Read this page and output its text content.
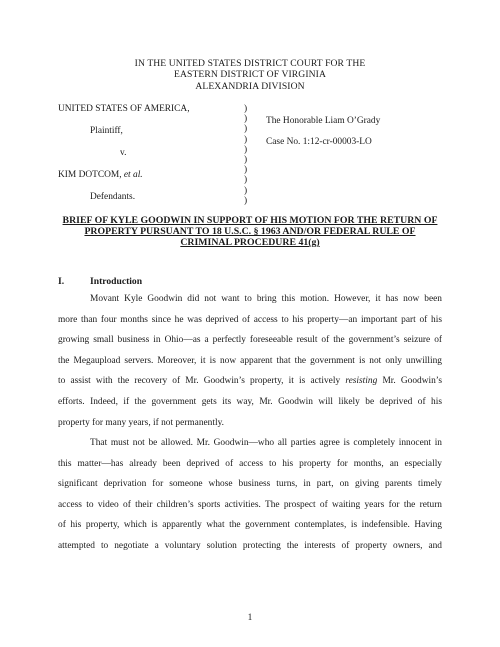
IN THE UNITED STATES DISTRICT COURT FOR THE
EASTERN DISTRICT OF VIRGINIA
ALEXANDRIA DIVISION
UNITED STATES OF AMERICA,
Plaintiff,
v.
KIM DOTCOM, et al.
Defendants.
)
)
)
)
)
)
)
)
)
)
The Honorable Liam O’Grady
Case No. 1:12-cr-00003-LO
BRIEF OF KYLE GOODWIN IN SUPPORT OF HIS MOTION FOR THE RETURN OF
PROPERTY PURSUANT TO 18 U.S.C. § 1963 AND/OR FEDERAL RULE OF
CRIMINAL PROCEDURE 41(g)
I.	Introduction
Movant Kyle Goodwin did not want to bring this motion. However, it has now been
more than four months since he was deprived of access to his property—an important part of his
growing small business in Ohio—as a perfectly foreseeable result of the government’s seizure of
the Megaupload servers. Moreover, it is now apparent that the government is not only unwilling
to assist with the recovery of Mr. Goodwin’s property, it is actively resisting Mr. Goodwin’s
efforts. Indeed, if the government gets its way, Mr. Goodwin will likely be deprived of his
property for many years, if not permanently.
That must not be allowed. Mr. Goodwin—who all parties agree is completely innocent in
this matter—has already been deprived of access to his property for months, an especially
significant deprivation for someone whose business turns, in part, on giving parents timely
access to video of their children’s sports activities. The prospect of waiting years for the return
of his property, which is apparently what the government contemplates, is indefensible. Having
attempted to negotiate a voluntary solution protecting the interests of property owners, and
1
